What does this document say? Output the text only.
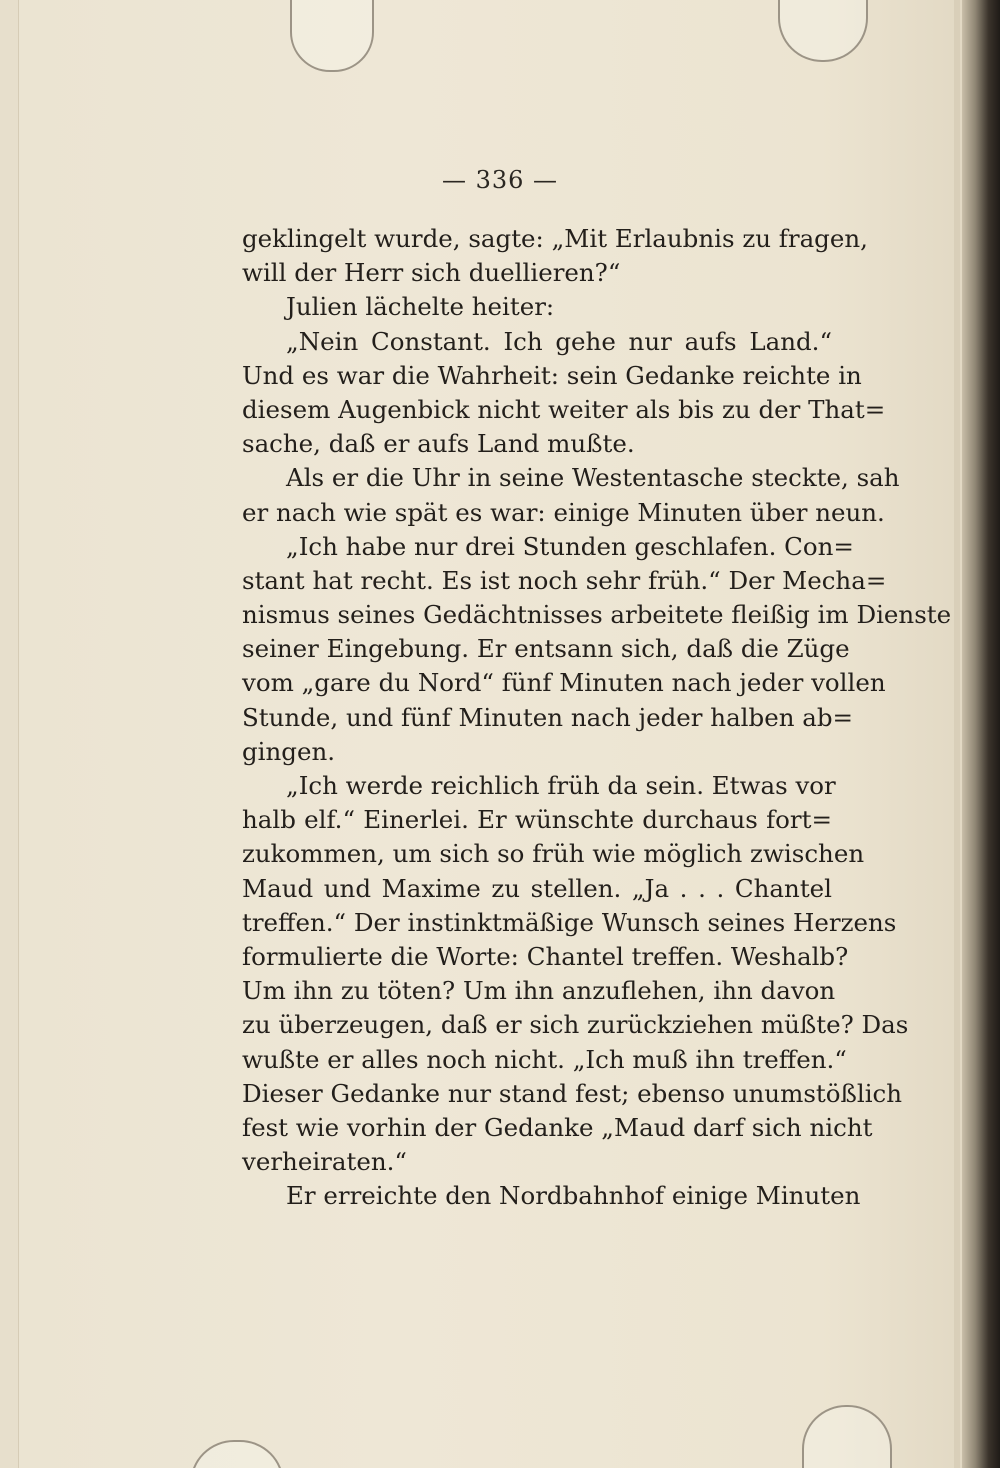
— 336 —
geklingelt wurde, sagte: „Mit Erlaubnis zu fragen,
will der Herr sich duellieren?“
Julien lächelte heiter:
„Nein Constant. Ich gehe nur aufs Land.“
Und es war die Wahrheit: sein Gedanke reichte in
diesem Augenbick nicht weiter als bis zu der That=
sache, daß er aufs Land mußte.
Als er die Uhr in seine Westentasche steckte, sah
er nach wie spät es war: einige Minuten über neun.
„Ich habe nur drei Stunden geschlafen. Con=
stant hat recht. Es ist noch sehr früh.“ Der Mecha=
nismus seines Gedächtnisses arbeitete fleißig im Dienste
seiner Eingebung. Er entsann sich, daß die Züge
vom „gare du Nord“ fünf Minuten nach jeder vollen
Stunde, und fünf Minuten nach jeder halben ab=
gingen.
„Ich werde reichlich früh da sein. Etwas vor
halb elf.“ Einerlei. Er wünschte durchaus fort=
zukommen, um sich so früh wie möglich zwischen
Maud und Maxime zu stellen. „Ja . . . Chantel
treffen.“ Der instinktmäßige Wunsch seines Herzens
formulierte die Worte: Chantel treffen. Weshalb?
Um ihn zu töten? Um ihn anzuflehen, ihn davon
zu überzeugen, daß er sich zurückziehen müßte? Das
wußte er alles noch nicht. „Ich muß ihn treffen.“
Dieser Gedanke nur stand fest; ebenso unumstößlich
fest wie vorhin der Gedanke „Maud darf sich nicht
verheiraten.“
Er erreichte den Nordbahnhof einige Minuten
